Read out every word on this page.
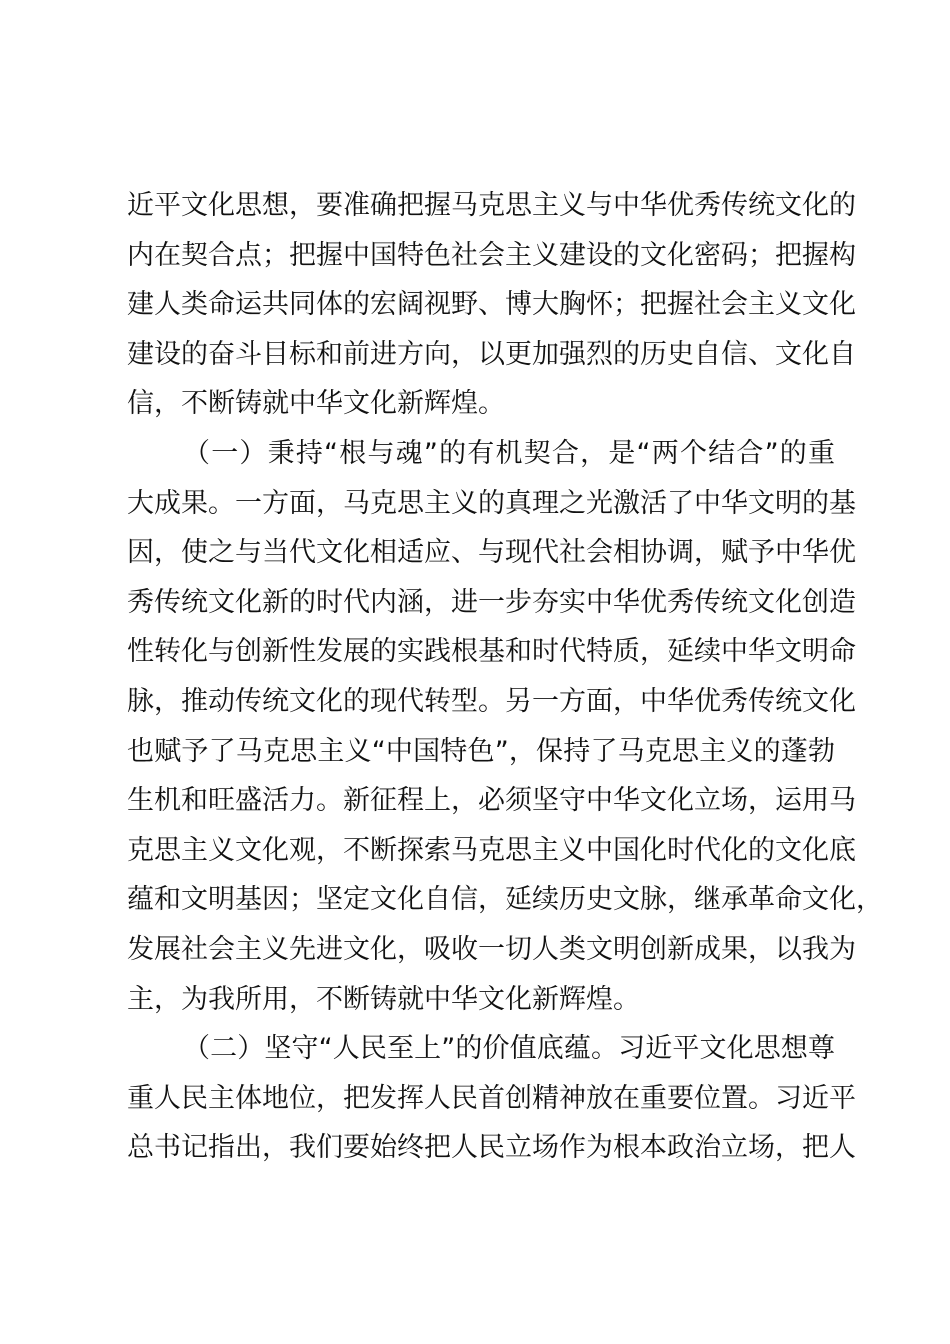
近平文化思想，要准确把握马克思主义与中华优秀传统文化的
内在契合点；把握中国特色社会主义建设的文化密码；把握构
建人类命运共同体的宏阔视野、博大胸怀；把握社会主义文化
建设的奋斗目标和前进方向，以更加强烈的历史自信、文化自
信，不断铸就中华文化新辉煌。
（一）秉持“根与魂”的有机契合，是“两个结合”的重
大成果。一方面，马克思主义的真理之光激活了中华文明的基
因，使之与当代文化相适应、与现代社会相协调，赋予中华优
秀传统文化新的时代内涵，进一步夯实中华优秀传统文化创造
性转化与创新性发展的实践根基和时代特质，延续中华文明命
脉，推动传统文化的现代转型。另一方面，中华优秀传统文化
也赋予了马克思主义“中国特色”，保持了马克思主义的蓬勃
生机和旺盛活力。新征程上，必须坚守中华文化立场，运用马
克思主义文化观，不断探索马克思主义中国化时代化的文化底
蕴和文明基因；坚定文化自信，延续历史文脉，继承革命文化，
发展社会主义先进文化，吸收一切人类文明创新成果，以我为
主，为我所用，不断铸就中华文化新辉煌。
（二）坚守“人民至上”的价值底蕴。习近平文化思想尊
重人民主体地位，把发挥人民首创精神放在重要位置。习近平
总书记指出，我们要始终把人民立场作为根本政治立场，把人
